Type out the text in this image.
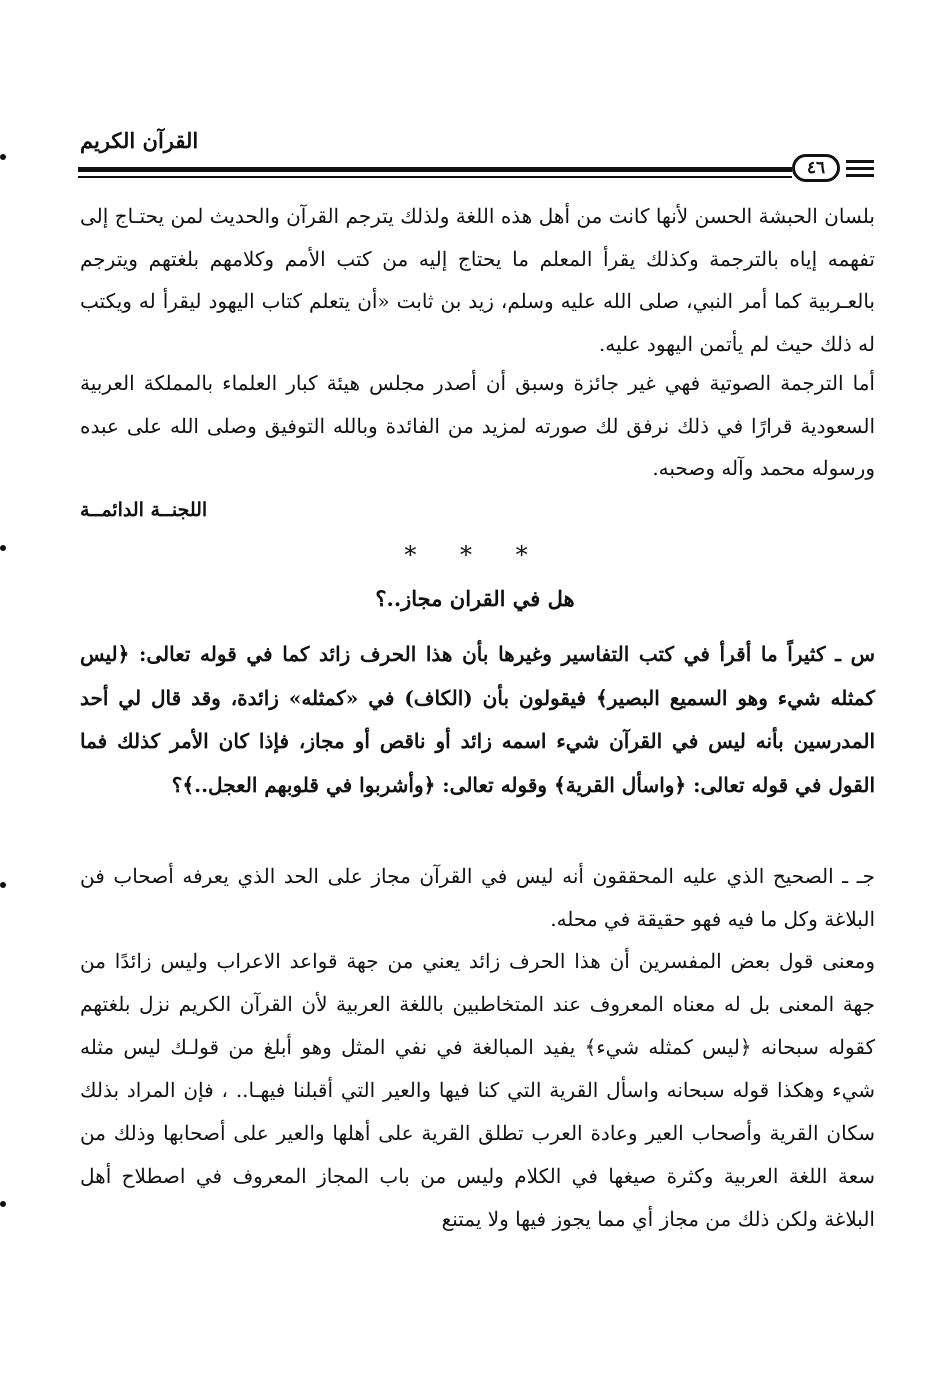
القرآن الكريم
٤٦
بلسان الحبشة الحسن لأنها كانت من أهل هذه اللغة ولذلك يترجم القرآن والحديث لمن يحتـاج إلى تفهمه إياه بالترجمة وكذلك يقرأ المعلم ما يحتاج إليه من كتب الأمم وكلامهم بلغتهم ويترجم بالعـربية كما أمر النبي، صلى الله عليه وسلم، زيد بن ثابت «أن يتعلم كتاب اليهود ليقرأ له ويكتب له ذلك حيث لم يأتمن اليهود عليه.
أما الترجمة الصوتية فهي غير جائزة وسبق أن أصدر مجلس هيئة كبار العلماء بالمملكة العربية السعودية قرارًا في ذلك نرفق لك صورته لمزيد من الفائدة وبالله التوفيق وصلى الله على عبده ورسوله محمد وآله وصحبه.
اللجنــة الدائمــة
* * *
هل في القران مجاز..؟
س ـ كثيراً ما أقرأ في كتب التفاسير وغيرها بأن هذا الحرف زائد كما في قوله تعالى: ﴿ليس كمثله شيء وهو السميع البصير﴾ فيقولون بأن (الكاف) في «كمثله» زائدة، وقد قال لي أحد المدرسين بأنه ليس في القرآن شيء اسمه زائد أو ناقص أو مجاز، فإذا كان الأمر كذلك فما القول في قوله تعالى: ﴿واسأل القرية﴾ وقوله تعالى: ﴿وأشربوا في قلوبهم العجل..﴾؟
جـ ـ الصحيح الذي عليه المحققون أنه ليس في القرآن مجاز على الحد الذي يعرفه أصحاب فن البلاغة وكل ما فيه فهو حقيقة في محله.
ومعنى قول بعض المفسرين أن هذا الحرف زائد يعني من جهة قواعد الاعراب وليس زائدًا من جهة المعنى بل له معناه المعروف عند المتخاطبين باللغة العربية لأن القرآن الكريم نزل بلغتهم كقوله سبحانه ﴿ليس كمثله شيء﴾ يفيد المبالغة في نفي المثل وهو أبلغ من قولـك ليس مثله شيء وهكذا قوله سبحانه واسأل القرية التي كنا فيها والعير التي أقبلنا فيهـا.. ، فإن المراد بذلك سكان القرية وأصحاب العير وعادة العرب تطلق القرية على أهلها والعير على أصحابها وذلك من سعة اللغة العربية وكثرة صيغها في الكلام وليس من باب المجاز المعروف في اصطلاح أهل البلاغة ولكن ذلك من مجاز أي مما يجوز فيها ولا يمتنع
